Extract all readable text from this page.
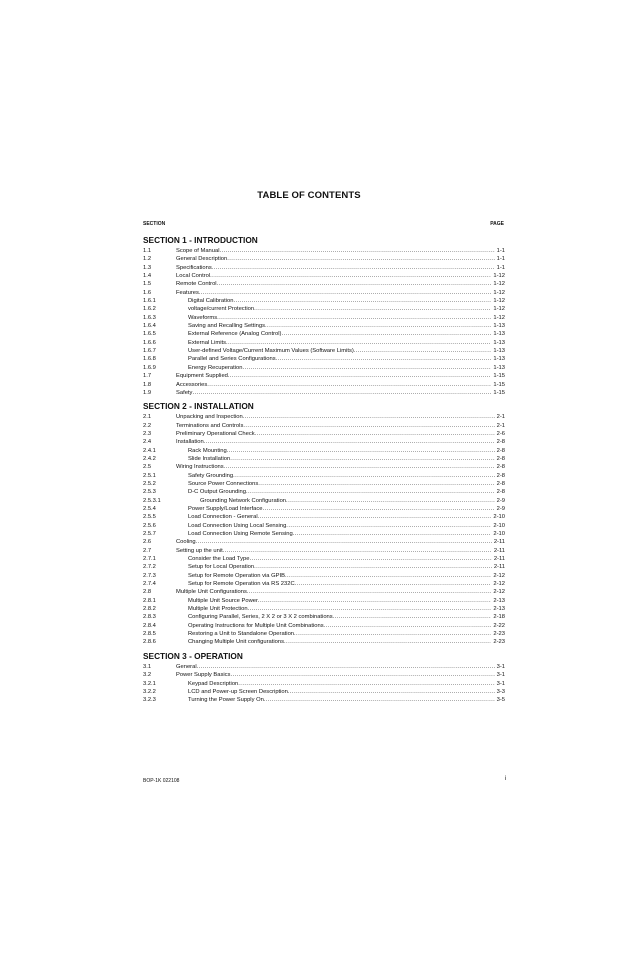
TABLE OF CONTENTS
SECTION	PAGE
SECTION 1 - INTRODUCTION
1.1	Scope of Manual . . .	1-1
1.2	General Description . . .	1-1
1.3	Specifications . . .	1-1
1.4	Local Control . . .	1-12
1.5	Remote Control . . .	1-12
1.6	Features . . .	1-12
1.6.1	Digital Calibration . . .	1-12
1.6.2	voltage/current Protection . . .	1-12
1.6.3	Waveforms . . .	1-12
1.6.4	Saving and Recalling Settings . . .	1-13
1.6.5	External Reference (Analog Control) . . .	1-13
1.6.6	External Limits . . .	1-13
1.6.7	User-defined Voltage/Current Maximum Values (Software Limits) . . .	1-13
1.6.8	Parallel and Series Configurations . . .	1-13
1.6.9	Energy Recuperation . . .	1-13
1.7	Equipment Supplied . . .	1-15
1.8	Accessories . . .	1-15
1.9	Safety . . .	1-15
SECTION 2 - INSTALLATION
2.1	Unpacking and Inspection . . .	2-1
2.2	Terminations and Controls . . .	2-1
2.3	Preliminary Operational Check . . .	2-6
2.4	Installation . . .	2-8
2.4.1	Rack Mounting . . .	2-8
2.4.2	Slide Installation . . .	2-8
2.5	Wiring Instructions . . .	2-8
2.5.1	Safety Grounding . . .	2-8
2.5.2	Source Power Connections . . .	2-8
2.5.3	D-C Output Grounding . . .	2-8
2.5.3.1	Grounding Network Configuration . . .	2-9
2.5.4	Power Supply/Load Interface . . .	2-9
2.5.5	Load Connection - General . . .	2-10
2.5.6	Load Connection Using Local Sensing . . .	2-10
2.5.7	Load Connection Using Remote Sensing . . .	2-10
2.6	Cooling . . .	2-11
2.7	Setting up the unit . . .	2-11
2.7.1	Consider the Load Type . . .	2-11
2.7.2	Setup for Local Operation . . .	2-11
2.7.3	Setup for Remote Operation via GPIB . . .	2-12
2.7.4	Setup for Remote Operation via RS 232C . . .	2-12
2.8	Multiple Unit Configurations . . .	2-12
2.8.1	Multiple Unit Source Power . . .	2-13
2.8.2	Multiple Unit Protection . . .	2-13
2.8.3	Configuring Parallel, Series, 2 X 2 or 3 X 2 combinations . . .	2-18
2.8.4	Operating Instructions for Multiple Unit Combinations . . .	2-22
2.8.5	Restoring a Unit to Standalone Operation . . .	2-23
2.8.6	Changing Multiple Unit configurations . . .	2-23
SECTION 3 - OPERATION
3.1	General . . .	3-1
3.2	Power Supply Basics . . .	3-1
3.2.1	Keypad Description . . .	3-1
3.2.2	LCD and Power-up Screen Description . . .	3-3
3.2.3	Turning the Power Supply On . . .	3-5
BOP-1K 022108	i
